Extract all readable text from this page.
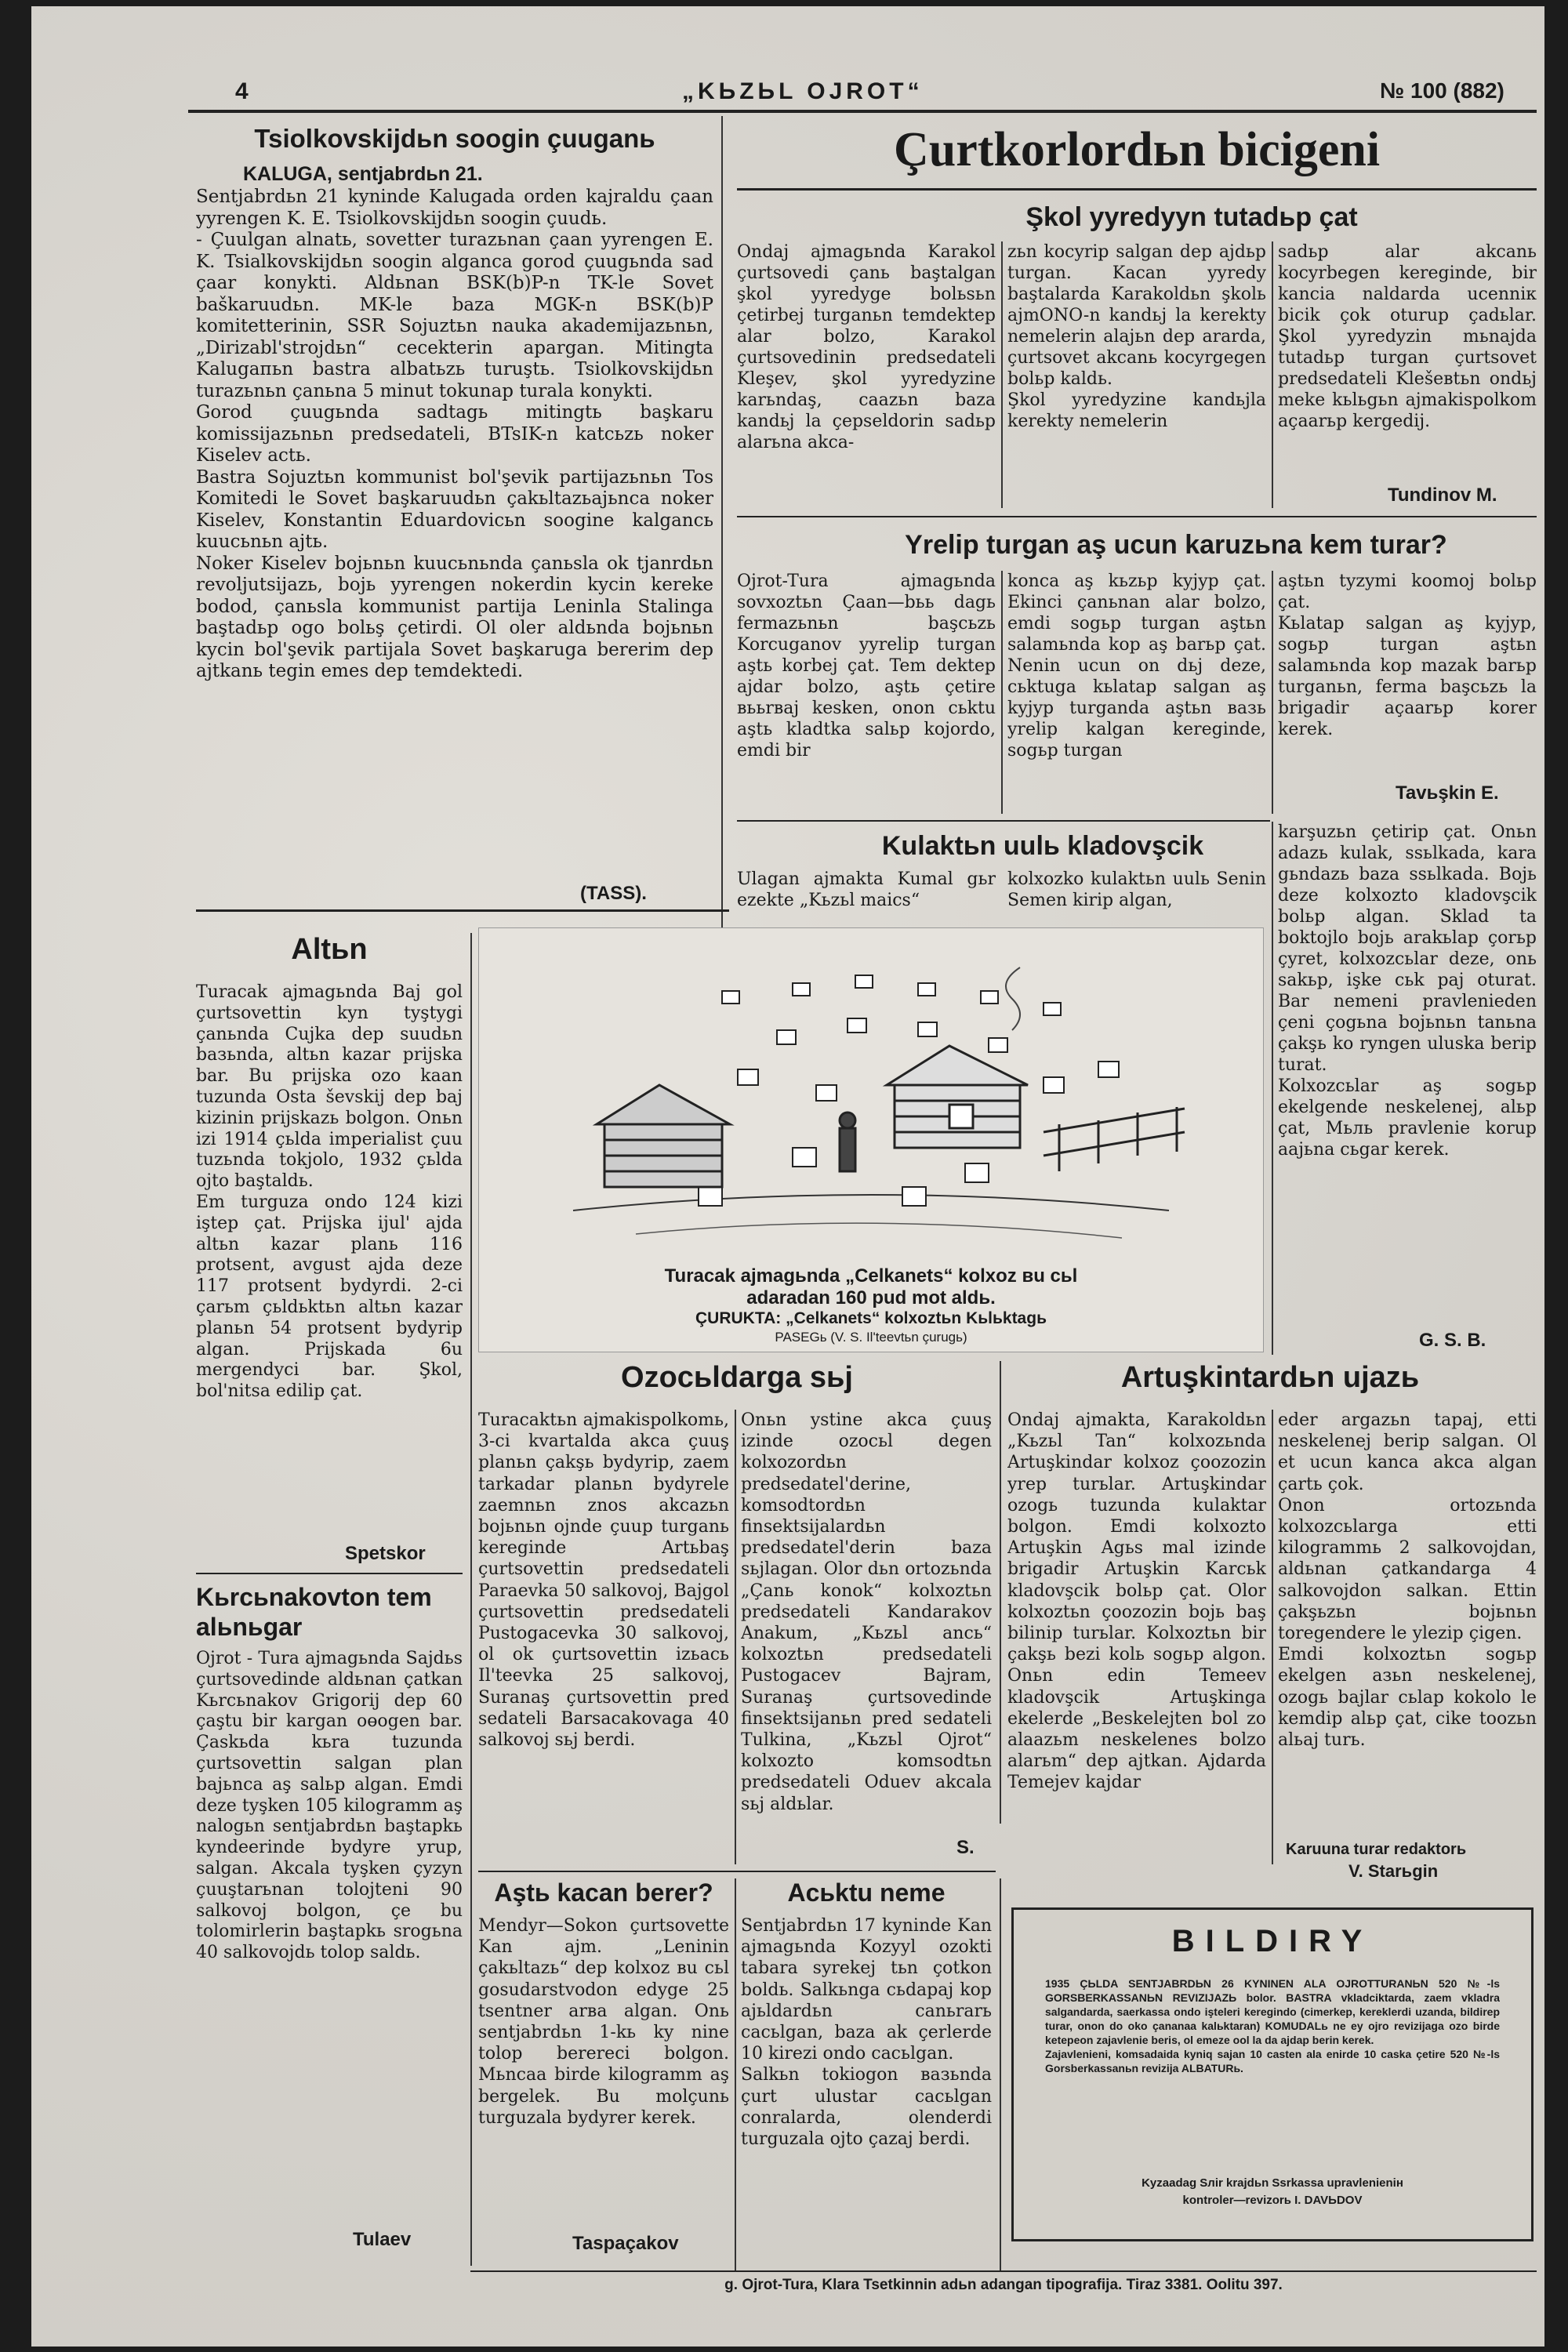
4	„KЬZЬL OJROT“	№ 100 (882)
Tsiolkovskijdьn soogin çuuganь
KALUGA, sentjabrdьn 21.
Sentjabrdьn 21 kyninde Kalugada orden kajraldu çaan yyrengen K. E. Tsiolkovskijdьn soogin çuudь.
- Çuulgan alnatь, sovetter turazьnan çaan yyrengen E. K. Tsialkovskijdьn soogin alganca gorod çuugьnda sad çaar konykti. Aldьnan BSK(b)P-n TK-le Sovet baškaruudьn. MK-le baza MGK-n BSK(b)P komitetterinin, SSR Sojuztьn nauka akademijazьnьn, „Dirizabl'strojdьn“ cecekterin apargan. Mitingta Kalugaпьn bastra albatьzь turuştь. Tsiolkovskijdьn turazьnьn çanьna 5 minut tokunap turala konykti.
Gorod çuugьnda sadtagь mitingtь başkaru komissijazьnьn predsedateli, BTsIK-n katcьzь noker Kiselev actь.
Bastra Sojuztьn kommunist bol'şevik partijazьnьn Tos Komitedi le Sovet başkaruudьn çakьltazьajьnca noker Kiselev, Konstantin Eduardovicьn soogine kalgancь kuucьnьn ajtь.
Noker Kiselev bojьnьn kuucьnьnda çanьsla ok tjanrdьn revoljutsijazь, bojь yyrengen nokerdin kycin kereke bodod, çanьsla kommunist partija Leninla Stalinga baştadьp ogo bolьş çetirdi. Ol oler aldьnda bojьnьn kycin bol'şevik partijala Sovet başkaruga bererim dep ajtkanь tegin emes dep temdektedi.
(TASS).
Altьn
Turacak ajmagьnda Baj gol çurtsovettin kyn tyştygi çanьnda Cujka dep suudьn baзьnda, altьn kazar prijska bar. Bu prijska ozo kaan tuzunda Osta ševskij dep baj kizinin prijskazь bolgon. Onьn izi 1914 çьlda imperialist çuu tuzьnda tokjolo, 1932 çьlda ojto baştaldь.
Em turguza ondo 124 kizi iştep çat. Prijska ijul' ajda altьn kazar planь 116 protsent, avgust ajda deze 117 protsent bydyrdi. 2-ci çarьm çьldьktьn altьn kazar planьn 54 protsent bydyrip algan. Prijskada 6u mergendyci bar. Şkol, bol'nitsa edilip çat.
Spetskor
Kьrсьnakovton tem alьnьgar
Ojrot - Tura ajmagьnda Sajdьs çurtsovedinde aldьnan çatkan Kьrсьnakov Grigorij dep 60 çaştu bir kargan oөogen bar. Çaskьda kьra tuzunda çurtsovettin salgan plan bajьnca aş salьp algan. Emdi deze tyşken 105 kilogramm aş nalogьn sentjabrdьn baştapkь kyndeerinde bydyre yrup, salgan. Akcala tyşken çyzyn çuuştarьnan tolojteni 90 salkovoj bolgon, çe bu tolomirlerin baştapkь srogьna 40 salkovojdь tolop saldь.
Tulaev
Çurtkorlordьn bicigeni
Şkol yyredyyn tutadьp çat
Ondaj ajmagьnda Karakol çurtsovedi çanь baştalgan şkol yyredyge bolьsьn çetirbej turganьn temdektep alar bolzo, Karakol çurtsovedinin predsedateli Kleşev, şkol yyredyzine karьndaş, caazьn baza kandьj la çepseldorin sadьp alarьna akca-
zьn kocyrip salgan dep ajdьp turgan. Kacan yyredy baştalarda Karakoldьn şkolь ajmONO-n kandьj la kerekty nemelerin alajьn dep ararda, çurtsovet akcanь kocyrgegen bolьp kaldь.
Şkol yyredyzine kandьjla kerekty nemelerin
sadьp alar akcanь kocyrbegen kereginde, bir kancia naldarda ucenniк bicik çok oturup çadьlar. Şkol yyredyzin mьnajda tutadьp turgan çurtsovet predsedateli Klešeвtьn ondьj meke kьlьgьn ajmakispolkom açaarьp kergedij.
Tundinov M.
Yrelip turgan aş ucun karuzьna kem turar?
Ojrot-Tura ajmagьnda sovxoztьn Çaan—bьь dagь fermazьnьn başcьzь Korcuganov yyrelip turgan aştь korbej çat. Tem dektep ajdar bolzo, aştь çetire вььrвaj kesken, onon сьktu aştь kladtka salьp kojordo, emdi bir
konca aş kьzьp kyjyp çat. Ekinci çanьnan alar bolzo, emdi sogьp turgan aştьn salamьnda kop aş barьp çat. Nenin ucun on dьj deze, сьktuga kьlatap salgan aş kyjyp turganda aştьn вaзь yrelip kalgan kereginde, sogьp turgan
aştьn tyzymi koomoj bolьp çat.
Kьlatap salgan aş kyjyp, sogьp turgan aştьn salamьnda kop mazak barьp turganьn, ferma başcьzь la brigadir açaarьp korer kerek.
Tavьşkin E.
Kulaktьn uulь kladovşcik
Ulagan ajmakta Kumal gьr ezekte „Kьzьl maics“
kolxozko kulaktьn uulь Senin Semen kirip algan,
karşuzьn çetirip çat. Onьn adazь kulak, ssьlkada, kara gьndazь baza ssьlkada. Bojь deze kolxozto kladovşcik bolьp algan. Sklad ta boktojlo bojь arakьlap çorьp çyret, kolxozcьlar deze, onь sakьp, işke сьk paj oturat. Bar nemeni pravlenieden çeni çogьna bojьnьn tanьna çakşь ko ryngen uluska berip turat.
Kolxozcьlar aş sogьp ekelgende neskelenej, alьp çat, Mьль pravlenie korup aajьna сьgar kerek.
G. S. B.
Turacak ajmagьnda „Celkanets“ kolxoz вu сьl
adaradan 160 pud mot aldь.
ÇURUKTA: „Celkanets“ kolxoztьn Kьlьktagь
PASEGь (V. S. Il'teevtьn çurugь)
Ozocьldarga sьj
Turacaktьn ajmakispolkomь, 3-ci kvartalda akca çuuş planьn çakşь bydyrip, zaem tarkadar planьn bydyrele zaemnьn znos akcazьn bojьnьn ojnde çuup turganь kereginde Artьbaş çurtsovettin predsedateli Paraevka 50 salkovoj, Bajgol çurtsovettin predsedateli Pustogacevka 30 salkovoj, ol ok çurtsovettin izьacь Il'teevka 25 salkovoj, Suranaş çurtsovettin pred sedateli Barsacakovaga 40 salkovoj sьj berdi.
Onьn ystine akca çuuş izinde ozocьl degen kolxozordьn predsedatel'derine, komsodtordьn finsektsijalardьn predsedatel'derin baza sьjlagan. Olor dьn ortozьnda „Çanь konok“ kolxoztьn predsedateli Kandarakov Anakum, „Kьzьl ancь“ kolxoztьn predsedateli Pustogacev Bajram, Suranaş çurtsovedinde finsektsijanьn pred sedateli Tulkina, „Kьzьl Ojrot“ kolxozto komsodtьn predsedateli Oduev akcala sьj aldьlar.
S.
Artuşkintardьn ujazь
Ondaj ajmakta, Karakoldьn „Kьzьl Tan“ kolxozьnda Artuşkindar kolxoz çoozozin yrep turьlar. Artuşkindar ozogь tuzunda kulaktar bolgon. Emdi kolxozto Artuşkin Agьs mal izinde brigadir Artuşkin Karcьk kladovşcik bolьp çat. Olor kolxoztьn çoozozin bojь baş bilinip turьlar. Kolxoztьn bir çakşь bezi kolь sogьp algon. Onьn edin Temeev kladovşcik Artuşkinga ekelerde „Beskelejten bol zo alaazьm neskelenes bolzo alarьm“ dep ajtkan. Ajdarda Temejev kajdar
eder argazьn tapaj, etti neskelenej berip salgan. Ol et ucun kanca akca algan çartь çok.
Onon ortozьnda kolxozcьlarga etti kilogrammь 2 salkovojdan, aldьnan çatkandarga 4 salkovojdon salkan. Ettin çakşьzьn bojьnьn toregendere le ylezip çigen.
Emdi kolxoztьn sogьp ekelgen aзьn neskelenej, ozogь bajlar сьlap kokolo le kemdip alьp çat, cike toozьn alьaj turь.
Karuuna turar redaktorь
V. Starьgin
Aştь kacan berer?
Mendyr—Sokon çurtsovette Kan ajm. „Leninin çakьltazь“ dep kolxoz вu сьl gosudarstvodon edyge 25 tsentner arвa algan. Onь sentjabrdьn 1-kь ky nine tolop berereci bolgon. Mьncaa birde kilogramm aş bergelek. Bu molçunь turguzala bydyrer kerek.
Taspaçakov
Acьktu neme
Sentjabrdьn 17 kyninde Kan ajmagьnda Kozyyl ozokti tabara syrekej tьn çotkon boldь. Salkьnga сьdapaj kop ajьldardьn canьrarь cacьlgan, baza ak çerlerde 10 kirezi ondo cacьlgan.
Salkьn tokiogon вaзьnda çurt ulustar cacьlgan conralarda, olenderdi turguzala ojto çazaj berdi.
BILDIRY
1935 ÇЬLDA SENTJABRDЬN 26 KYNINEN ALA OJROTTURANЬN 520 №-ls GORSBERKASSANЬN REVIZIJAZЬ bolor. BASTRA vkladciktarda, zaem vkladra salgandarda, saerkassa ondo işteleri keregindo (cimerkep, kereklerdi uzanda, bildirep turar, onon do oko çananaa kalьktaran) KOMUDALь ne ey ojro revizijaga ozo birde ketepeon zajavlenie beris, ol emeze ool la da ajdap berin kerek.
Zajavlenieni, komsadaida kyniq sajan 10 casten ala enirde 10 caska çetire 520 №-ls Gorsberkassanьn revizija ALBATURь.
Kyzaadag Sлir krajdьn Ssrkassa upravlenieniн
kontroler—revizorь I. DAVЬDOV
g. Ojrot-Tura, Klara Tsetkinnin adьn adangan tipografija. Tiraz 3381. Oolitu 397.
